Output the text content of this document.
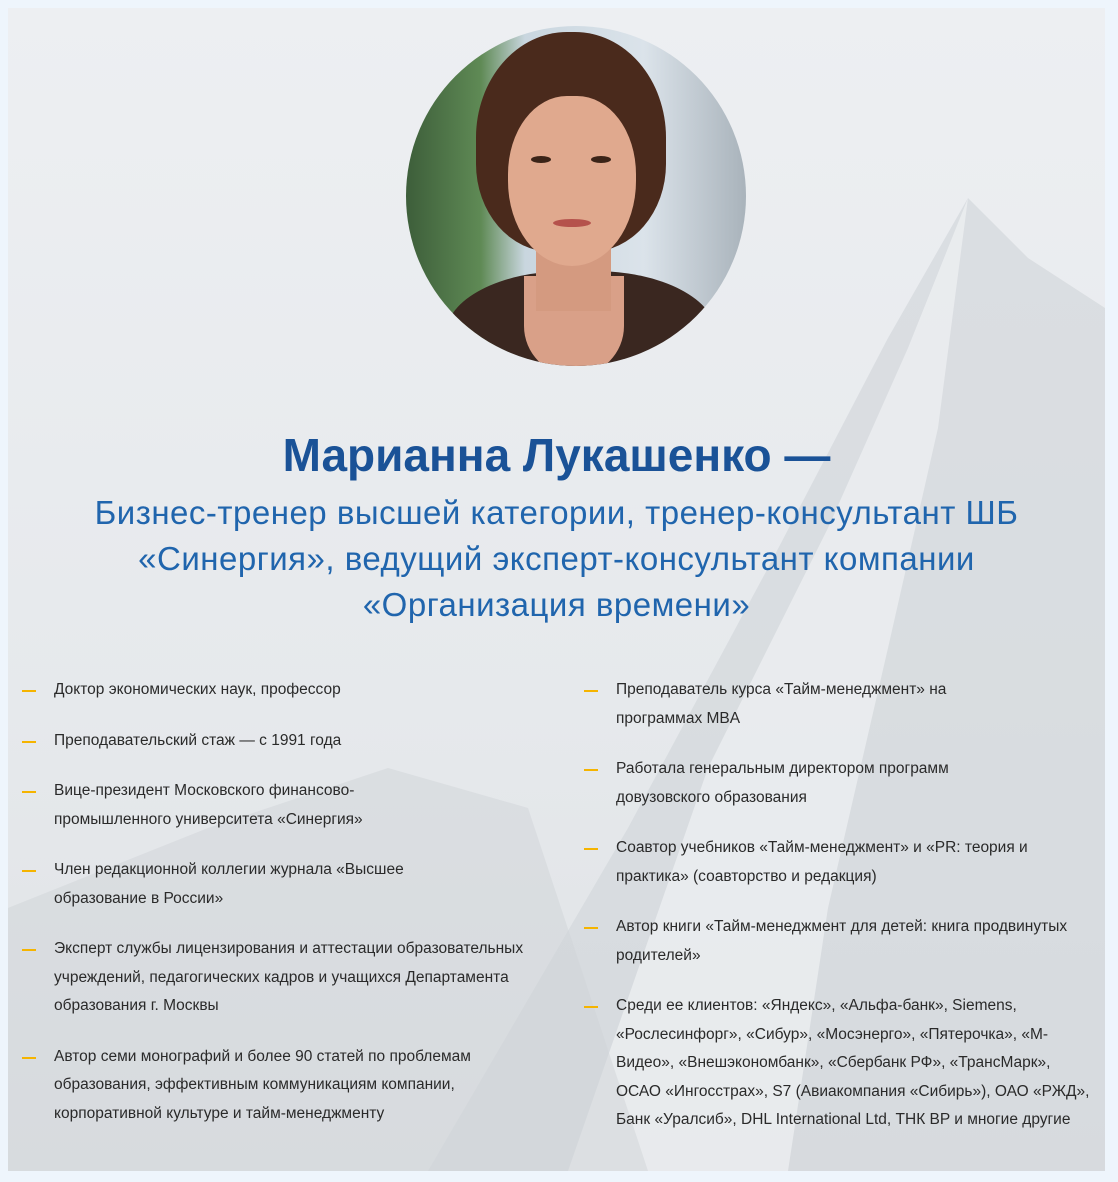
Марианна Лукашенко —
Бизнес-тренер высшей категории, тренер-консультант ШБ «Синергия», ведущий эксперт-консультант компании «Организация времени»
Доктор экономических наук, профессор
Преподавательский стаж — с 1991 года
Вице-президент Московского финансово-промышленного университета «Синергия»
Член редакционной коллегии журнала «Высшее образование в России»
Эксперт службы лицензирования и аттестации образовательных учреждений, педагогических кадров и учащихся Департамента образования г. Москвы
Автор семи монографий и более 90 статей по проблемам образования, эффективным коммуникациям компании, корпоративной культуре и тайм-менеджменту
Преподаватель курса «Тайм-менеджмент» на программах MBA
Работала генеральным директором программ довузовского образования
Соавтор учебников «Тайм-менеджмент» и «PR: теория и практика» (соавторство и редакция)
Автор книги «Тайм-менеджмент для детей: книга продвинутых родителей»
Среди ее клиентов: «Яндекс», «Альфа-банк», Siemens, «Рослесинфорг», «Сибур», «Мосэнерго», «Пятерочка», «М-Видео», «Внешэкономбанк», «Сбербанк РФ», «ТрансМарк», ОСАО «Ингосстрах», S7 (Авиакомпания «Сибирь»), ОАО «РЖД», Банк «Уралсиб», DHL International Ltd, ТНК BP и многие другие
